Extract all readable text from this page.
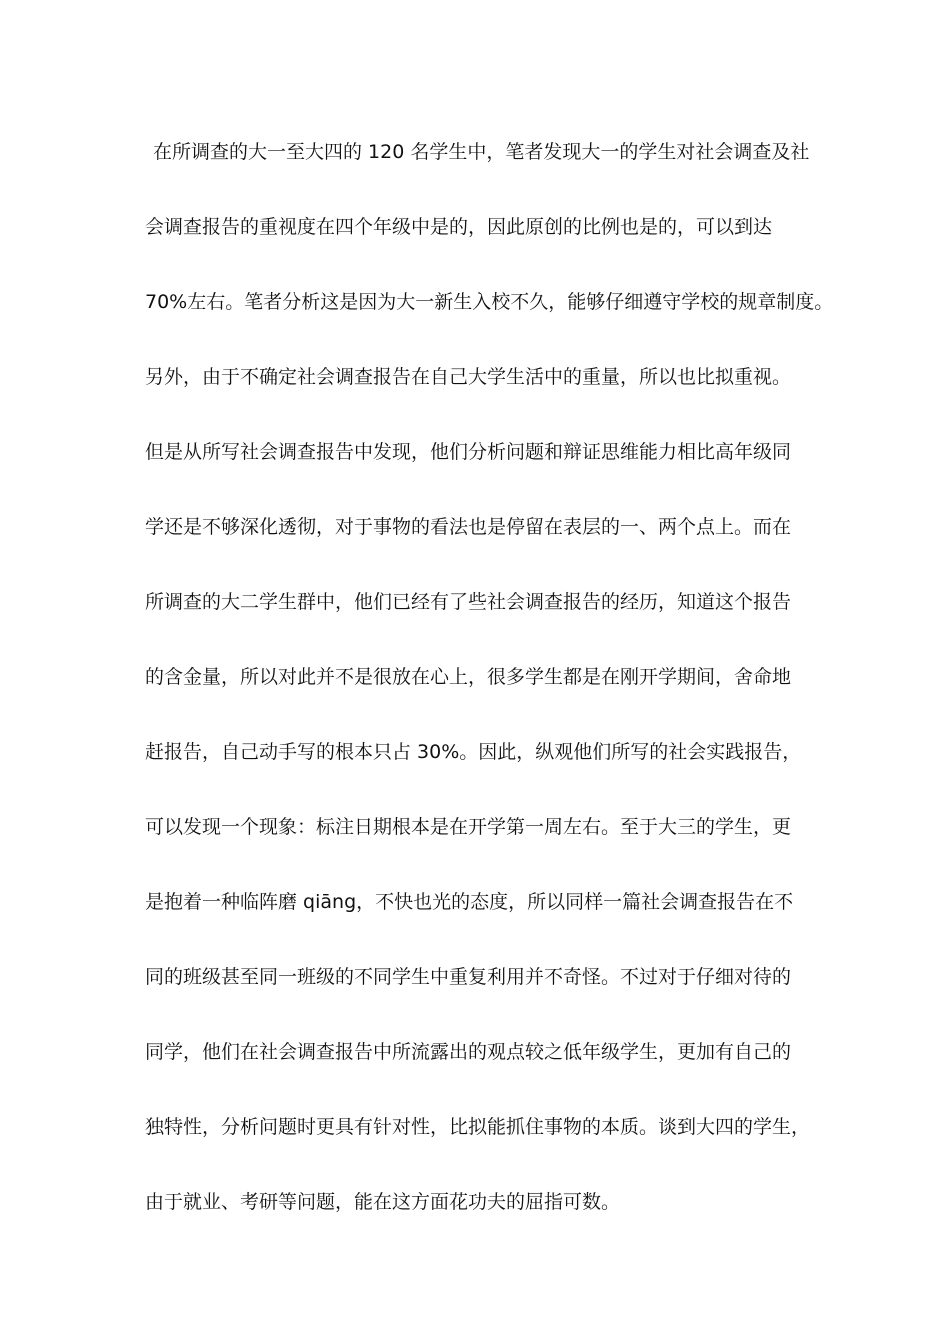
在所调查的大一至大四的 120 名学生中，笔者发现大一的学生对社会调查及社
会调查报告的重视度在四个年级中是的，因此原创的比例也是的，可以到达
70%左右。笔者分析这是因为大一新生入校不久，能够仔细遵守学校的规章制度。
另外，由于不确定社会调查报告在自己大学生活中的重量，所以也比拟重视。
但是从所写社会调查报告中发现，他们分析问题和辩证思维能力相比高年级同
学还是不够深化透彻，对于事物的看法也是停留在表层的一、两个点上。而在
所调查的大二学生群中，他们已经有了些社会调查报告的经历，知道这个报告
的含金量，所以对此并不是很放在心上，很多学生都是在刚开学期间，舍命地
赶报告，自己动手写的根本只占 30%。因此，纵观他们所写的社会实践报告，
可以发现一个现象：标注日期根本是在开学第一周左右。至于大三的学生，更
是抱着一种临阵磨 qiāng，不快也光的态度，所以同样一篇社会调查报告在不
同的班级甚至同一班级的不同学生中重复利用并不奇怪。不过对于仔细对待的
同学，他们在社会调查报告中所流露出的观点较之低年级学生，更加有自己的
独特性，分析问题时更具有针对性，比拟能抓住事物的本质。谈到大四的学生，
由于就业、考研等问题，能在这方面花功夫的屈指可数。
